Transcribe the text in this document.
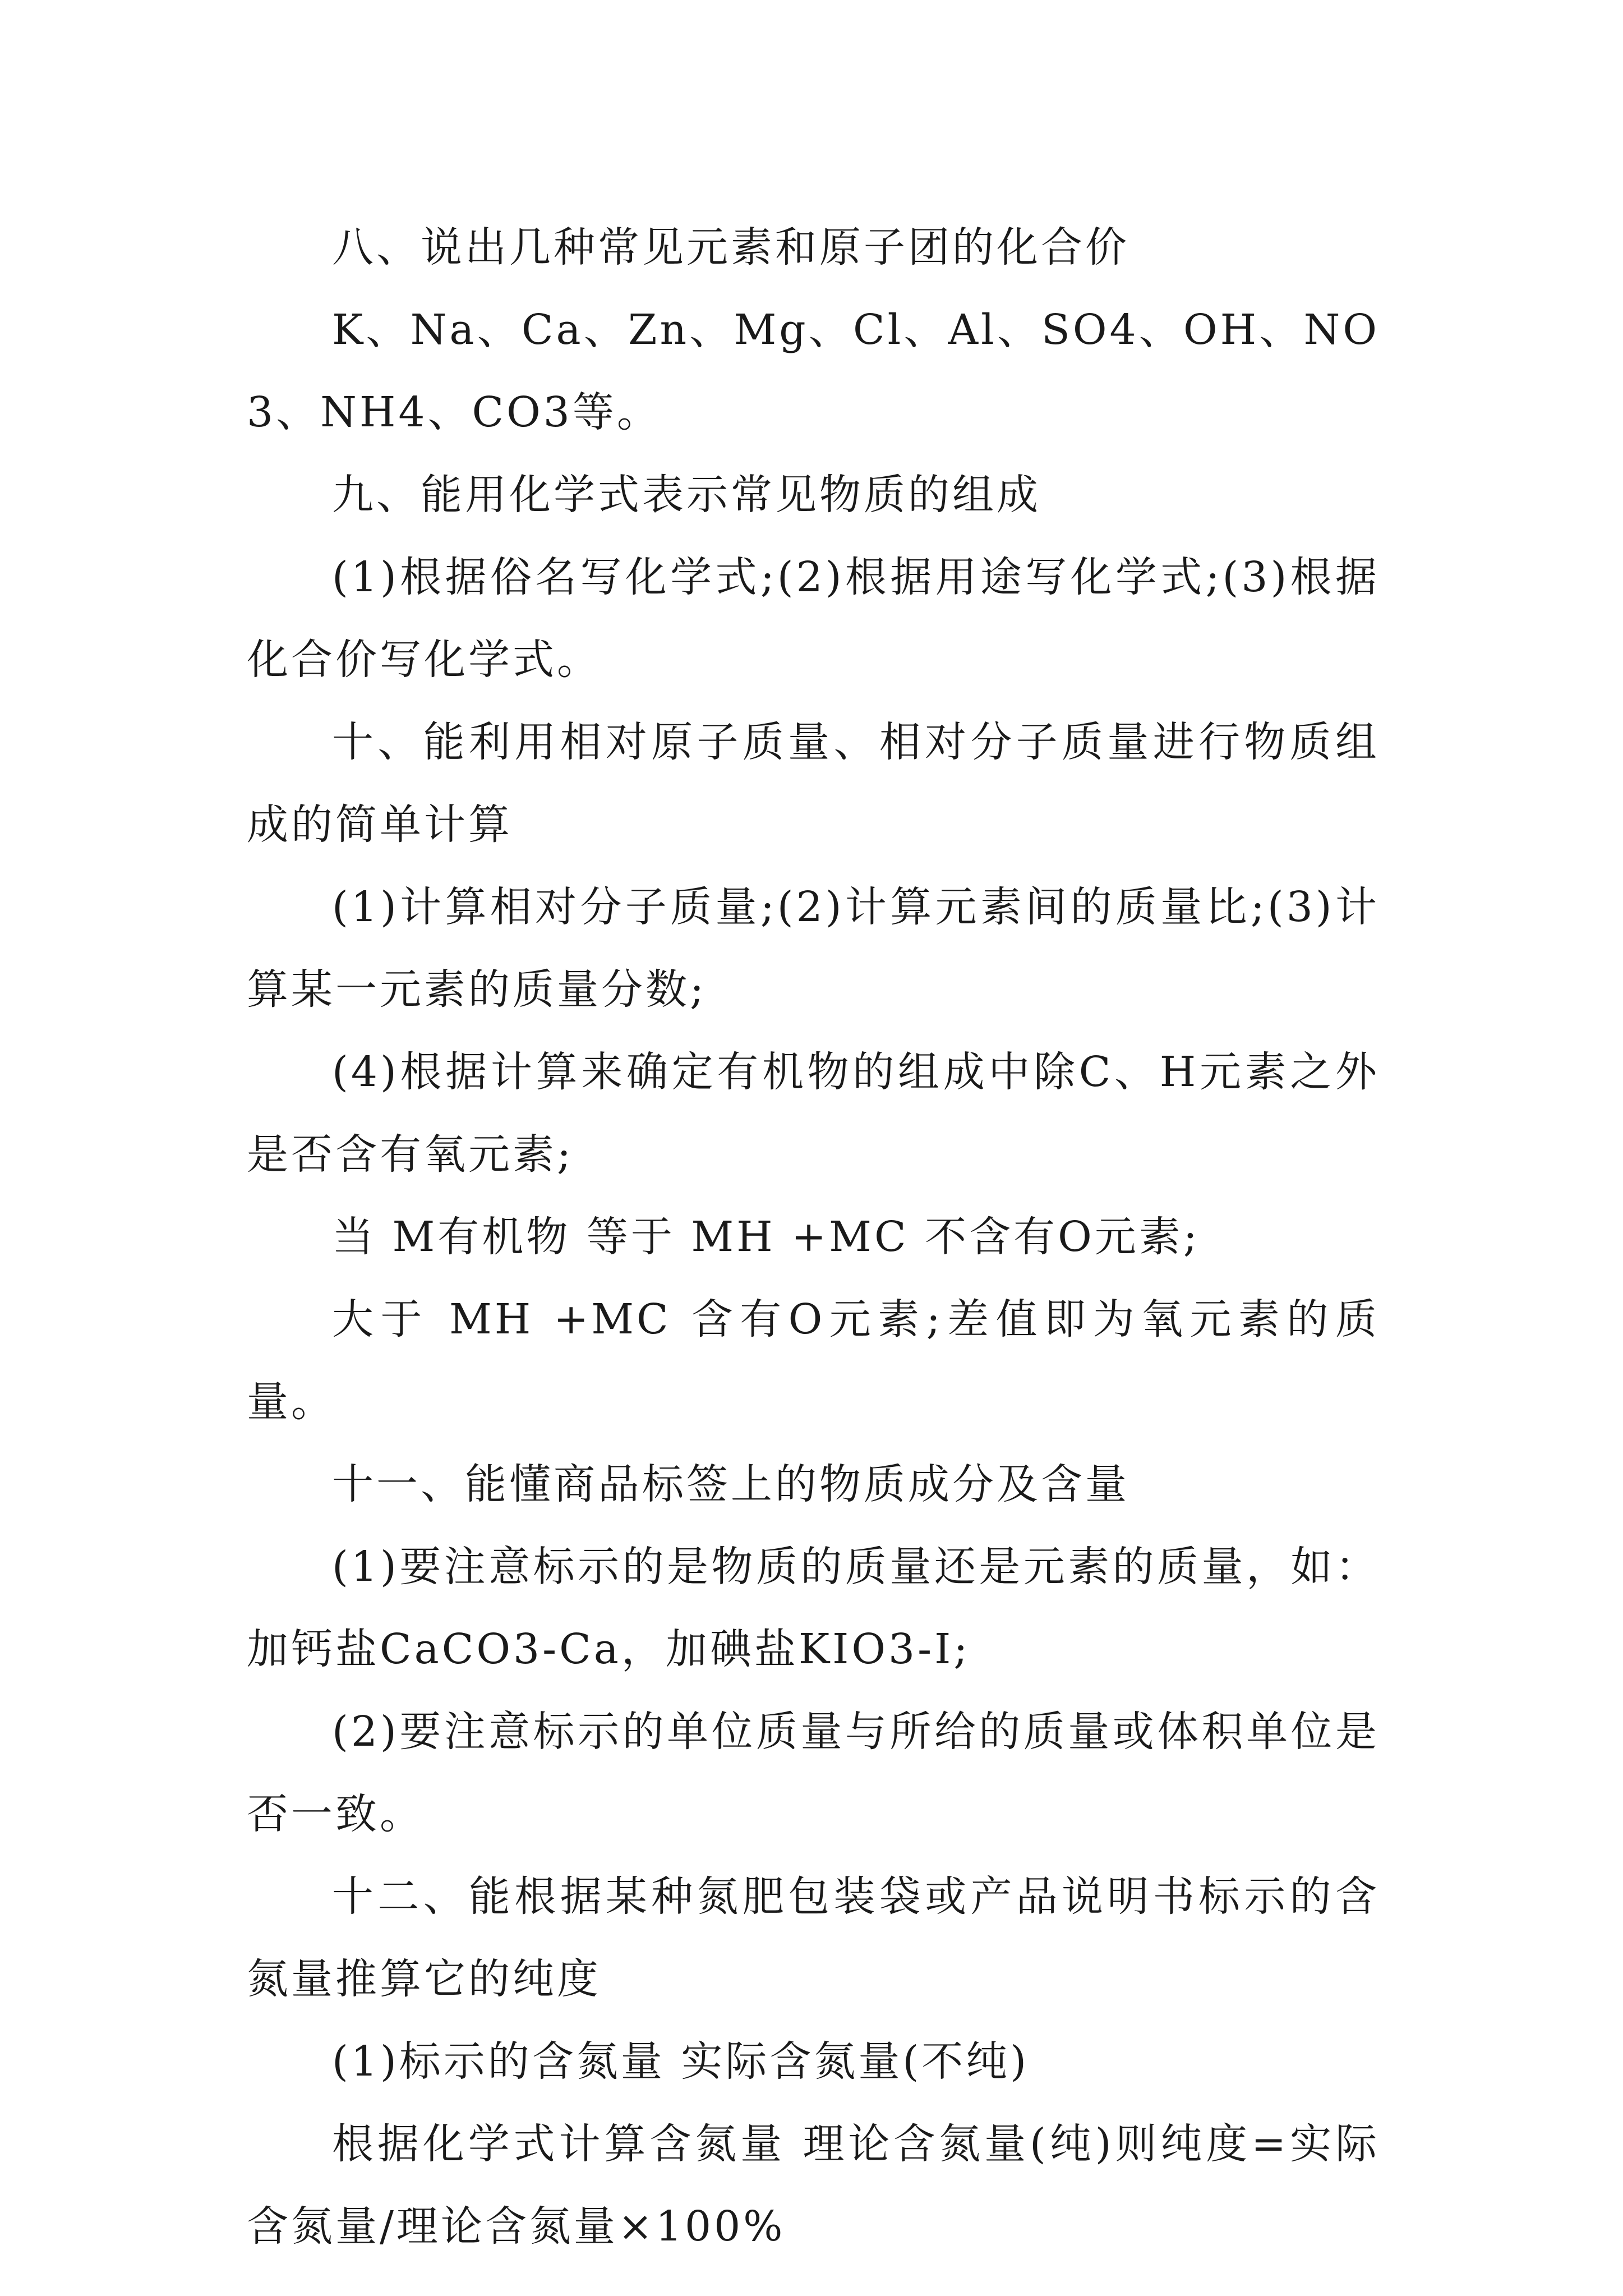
八、说出几种常见元素和原子团的化合价

K、Na、Ca、Zn、Mg、Cl、Al、SO4、OH、NO3、NH4、CO3等。

九、能用化学式表示常见物质的组成

(1)根据俗名写化学式;(2)根据用途写化学式;(3)根据化合价写化学式。

十、能利用相对原子质量、相对分子质量进行物质组成的简单计算

(1)计算相对分子质量;(2)计算元素间的质量比;(3)计算某一元素的质量分数;

(4)根据计算来确定有机物的组成中除C、H元素之外是否含有氧元素;

当 M有机物 等于 MH +MC 不含有O元素;

大于 MH +MC 含有O元素;差值即为氧元素的质量。

十一、能懂商品标签上的物质成分及含量

(1)要注意标示的是物质的质量还是元素的质量，如：加钙盐CaCO3-Ca，加碘盐KIO3-I;

(2)要注意标示的单位质量与所给的质量或体积单位是否一致。

十二、能根据某种氮肥包装袋或产品说明书标示的含氮量推算它的纯度

(1)标示的含氮量 实际含氮量(不纯)

根据化学式计算含氮量 理论含氮量(纯)则纯度=实际含氮量/理论含氮量×100%
